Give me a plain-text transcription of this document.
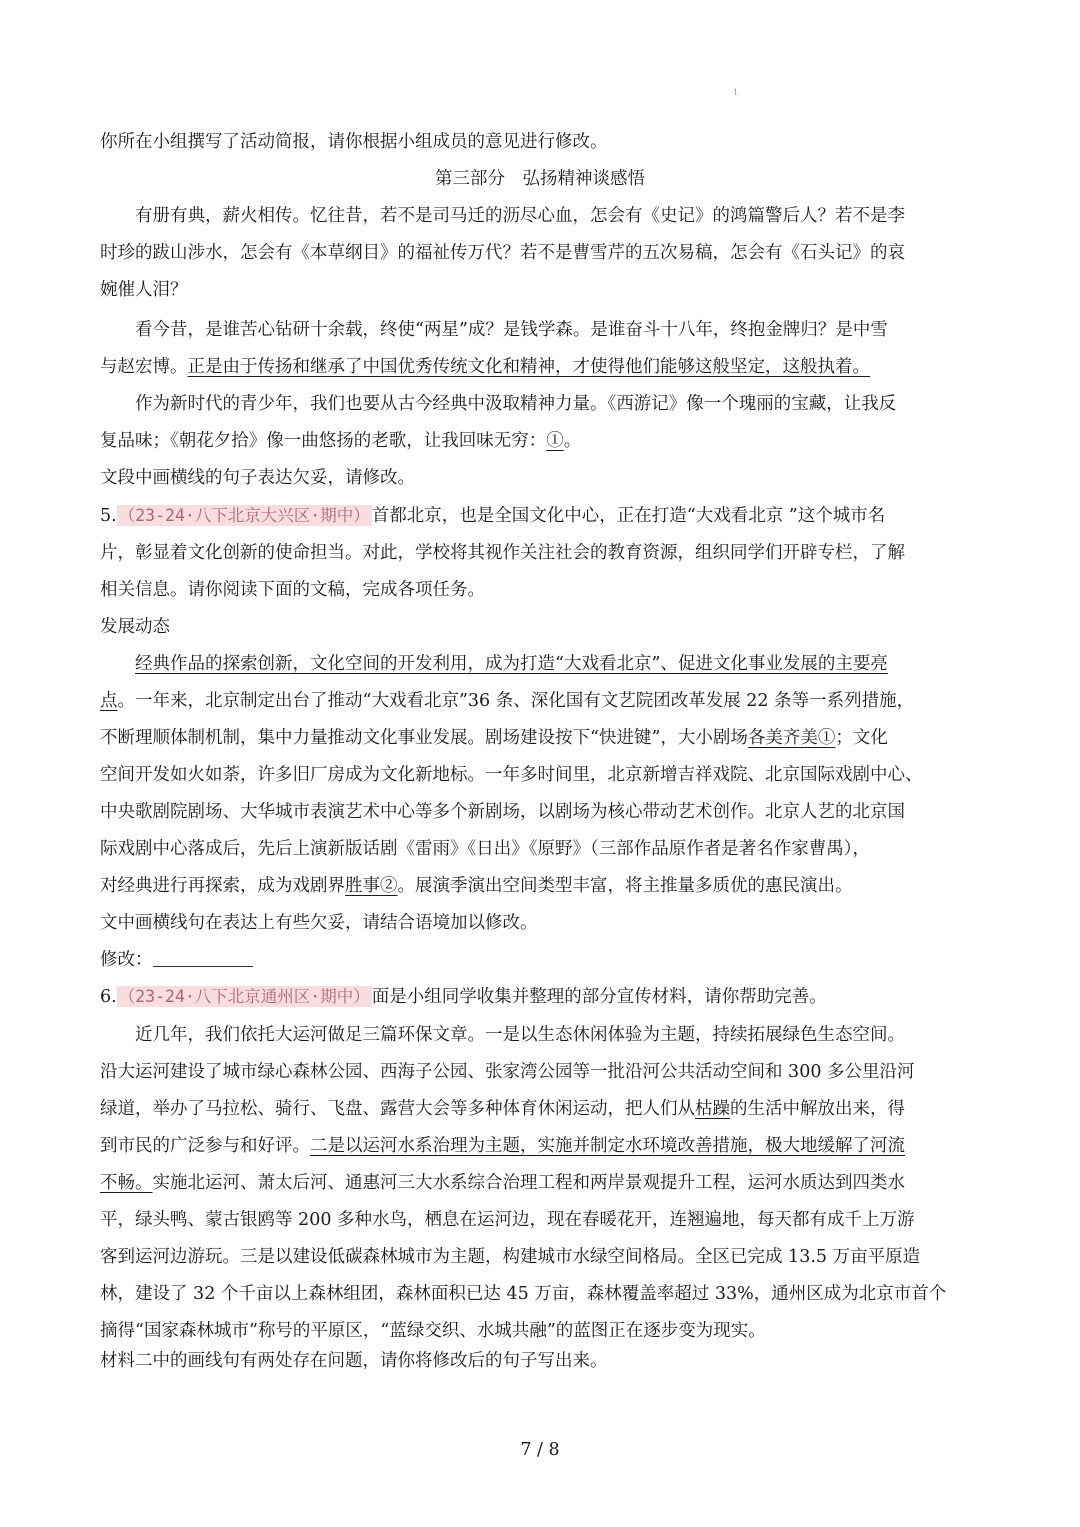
1
你所在小组撰写了活动简报，请你根据小组成员的意见进行修改。
第三部分　弘扬精神谈感悟
有册有典，薪火相传。忆往昔，若不是司马迁的沥尽心血，怎会有《史记》的鸿篇警后人？若不是李
时珍的跋山涉水，怎会有《本草纲目》的福祉传万代？若不是曹雪芹的五次易稿，怎会有《石头记》的哀
婉催人泪？
看今昔，是谁苦心钻研十余载，终使“两星”成？是钱学森。是谁奋斗十八年，终抱金牌归？是中雪
与赵宏博。正是由于传扬和继承了中国优秀传统文化和精神，才使得他们能够这般坚定，这般执着。
作为新时代的青少年，我们也要从古今经典中汲取精神力量。《西游记》像一个瑰丽的宝藏，让我反
复品味；《朝花夕拾》像一曲悠扬的老歌，让我回味无穷：①。
文段中画横线的句子表达欠妥，请修改。
5. （23-24·八下北京大兴区·期中） 首都北京，也是全国文化中心，正在打造“大戏看北京 ”这个城市名
片，彰显着文化创新的使命担当。对此，学校将其视作关注社会的教育资源，组织同学们开辟专栏，了解
相关信息。请你阅读下面的文稿，完成各项任务。
发展动态
经典作品的探索创新，文化空间的开发利用，成为打造“大戏看北京”、促进文化事业发展的主要亮
点。一年来，北京制定出台了推动“大戏看北京”36 条、深化国有文艺院团改革发展 22 条等一系列措施，
不断理顺体制机制，集中力量推动文化事业发展。剧场建设按下“快进键”，大小剧场各美齐美①；文化
空间开发如火如荼，许多旧厂房成为文化新地标。一年多时间里，北京新增吉祥戏院、北京国际戏剧中心、
中央歌剧院剧场、大华城市表演艺术中心等多个新剧场，以剧场为核心带动艺术创作。北京人艺的北京国
际戏剧中心落成后，先后上演新版话剧《雷雨》《日出》《原野》（三部作品原作者是著名作家曹禺），
对经典进行再探索，成为戏剧界胜事②。展演季演出空间类型丰富，将主推量多质优的惠民演出。
文中画横线句在表达上有些欠妥，请结合语境加以修改。
修改：
6. （23-24·八下北京通州区·期中） 面是小组同学收集并整理的部分宣传材料，请你帮助完善。
近几年，我们依托大运河做足三篇环保文章。一是以生态休闲体验为主题，持续拓展绿色生态空间。
沿大运河建设了城市绿心森林公园、西海子公园、张家湾公园等一批沿河公共活动空间和 300 多公里沿河
绿道，举办了马拉松、骑行、飞盘、露营大会等多种体育休闲运动，把人们从枯躁的生活中解放出来，得
到市民的广泛参与和好评。二是以运河水系治理为主题，实施并制定水环境改善措施，极大地缓解了河流
不畅。实施北运河、萧太后河、通惠河三大水系综合治理工程和两岸景观提升工程，运河水质达到四类水
平，绿头鸭、蒙古银鸥等 200 多种水鸟，栖息在运河边，现在春暖花开，连翘遍地，每天都有成千上万游
客到运河边游玩。三是以建设低碳森林城市为主题，构建城市水绿空间格局。全区已完成 13.5 万亩平原造
林，建设了 32 个千亩以上森林组团，森林面积已达 45 万亩，森林覆盖率超过 33%，通州区成为北京市首个
摘得“国家森林城市”称号的平原区，“蓝绿交织、水城共融”的蓝图正在逐步变为现实。
材料二中的画线句有两处存在问题，请你将修改后的句子写出来。
7 / 8
